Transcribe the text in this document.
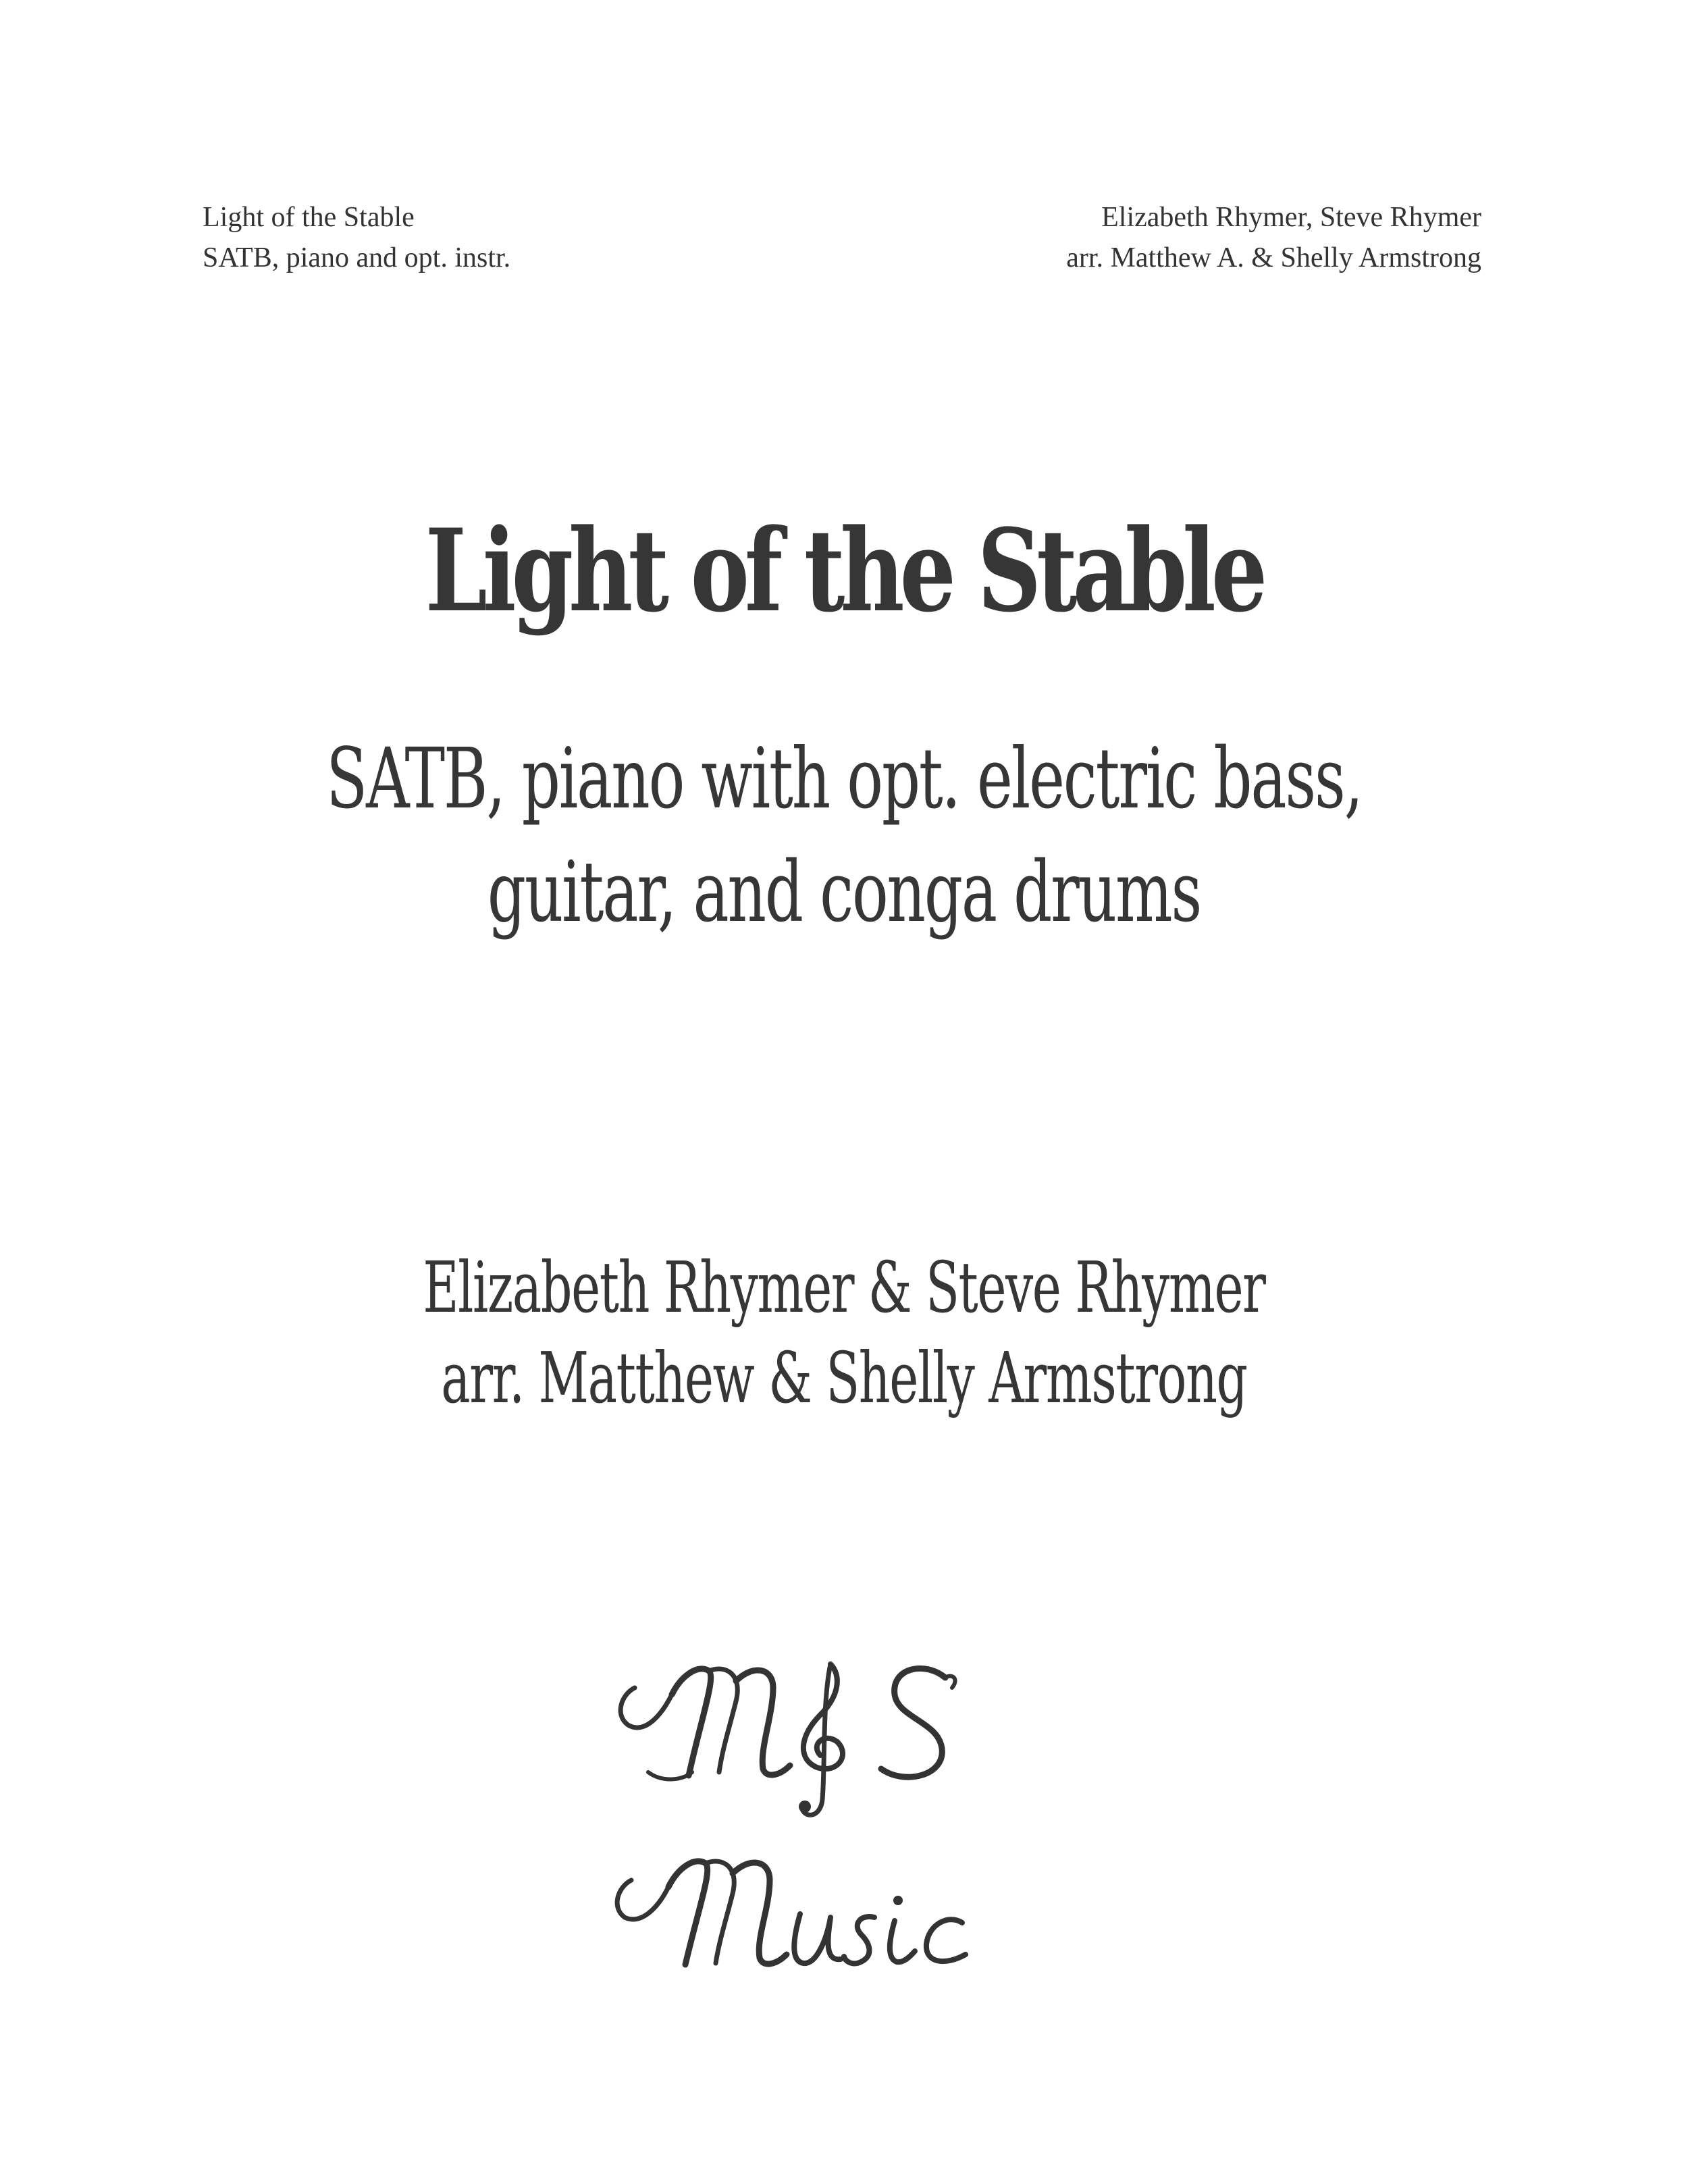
Light of the Stable
SATB, piano and opt. instr.
Elizabeth Rhymer, Steve Rhymer
arr. Matthew A. & Shelly Armstrong
Light of the Stable
SATB, piano with opt. electric bass,
guitar, and conga drums
Elizabeth Rhymer & Steve Rhymer
arr. Matthew & Shelly Armstrong
